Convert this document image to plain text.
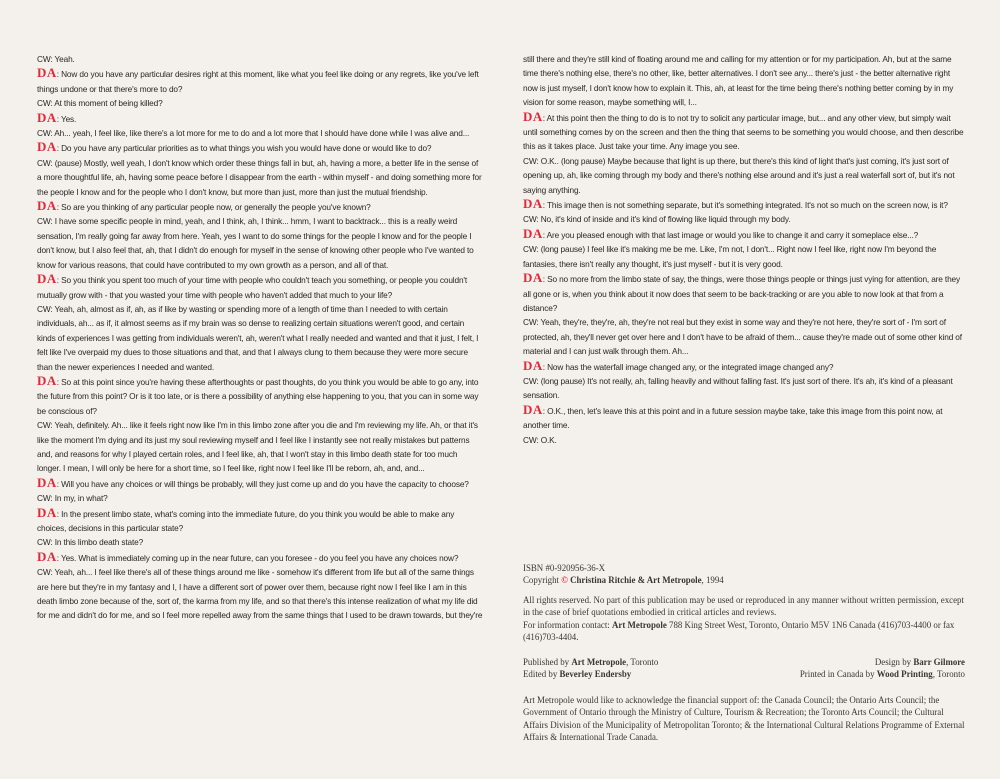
CW: Yeah.

DA: Now do you have any particular desires right at this moment, like what you feel like doing or any regrets, like you've left things undone or that there's more to do?

CW: At this moment of being killed?

DA: Yes.

CW: Ah... yeah, I feel like, like there's a lot more for me to do and a lot more that I should have done while I was alive and...

DA: Do you have any particular priorities as to what things you wish you would have done or would like to do?

CW: (pause) Mostly, well yeah, I don't know which order these things fall in but, ah, having a more, a better life in the sense of a more thoughtful life, ah, having some peace before I disappear from the earth - within myself - and doing something more for the people I know and for the people who I don't know, but more than just, more than just the mutual friendship.

DA: So are you thinking of any particular people now, or generally the people you've known?

CW: I have some specific people in mind, yeah, and I think, ah, I think... hmm, I want to backtrack... this is a really weird sensation, I'm really going far away from here. Yeah, yes I want to do some things for the people I know and for the people I don't know, but I also feel that, ah, that I didn't do enough for myself in the sense of knowing other people who I've wanted to know for various reasons, that could have contributed to my own growth as a person, and all of that.

DA: So you think you spent too much of your time with people who couldn't teach you something, or people you couldn't mutually grow with - that you wasted your time with people who haven't added that much to your life?

CW: Yeah, ah, almost as if, ah, as if like by wasting or spending more of a length of time than I needed to with certain individuals, ah... as if, it almost seems as if my brain was so dense to realizing certain situations weren't good, and certain kinds of experiences I was getting from individuals weren't, ah, weren't what I really needed and wanted and that it just, I felt, I felt like I've overpaid my dues to those situations and that, and that I always clung to them because they were more secure than the newer experiences I needed and wanted.

DA: So at this point since you're having these afterthoughts or past thoughts, do you think you would be able to go any, into the future from this point? Or is it too late, or is there a possibility of anything else happening to you, that you can in some way be conscious of?

CW: Yeah, definitely. Ah... like it feels right now like I'm in this limbo zone after you die and I'm reviewing my life. Ah, or that it's like the moment I'm dying and its just my soul reviewing myself and I feel like I instantly see not really mistakes but patterns and, and reasons for why I played certain roles, and I feel like, ah, that I won't stay in this limbo death state for too much longer. I mean, I will only be here for a short time, so I feel like, right now I feel like I'll be reborn, ah, and, and...

DA: Will you have any choices or will things be probably, will they just come up and do you have the capacity to choose?

CW: In my, in what?

DA: In the present limbo state, what's coming into the immediate future, do you think you would be able to make any choices, decisions in this particular state?

CW: In this limbo death state?

DA: Yes. What is immediately coming up in the near future, can you foresee - do you feel you have any choices now?

CW: Yeah, ah... I feel like there's all of these things around me like - somehow it's different from life but all of the same things are here but they're in my fantasy and I, I have a different sort of power over them, because right now I feel like I am in this death limbo zone because of the, sort of, the karma from my life, and so that there's this intense realization of what my life did for me and didn't do for me, and so I feel more repelled away from the same things that I used to be drawn towards, but they're

still there and they're still kind of floating around me and calling for my attention or for my participation. Ah, but at the same time there's nothing else, there's no other, like, better alternatives. I don't see any... there's just - the better alternative right now is just myself, I don't know how to explain it. This, ah, at least for the time being there's nothing better coming by in my vision for some reason, maybe something will, I...

DA: At this point then the thing to do is to not try to solicit any particular image, but... and any other view, but simply wait until something comes by on the screen and then the thing that seems to be something you would choose, and then describe this as it takes place. Just take your time. Any image you see.

CW: O.K.. (long pause) Maybe because that light is up there, but there's this kind of light that's just coming, it's just sort of opening up, ah, like coming through my body and there's nothing else around and it's just a real waterfall sort of, but it's not saying anything.

DA: This image then is not something separate, but it's something integrated. It's not so much on the screen now, is it?

CW: No, it's kind of inside and it's kind of flowing like liquid through my body.

DA: Are you pleased enough with that last image or would you like to change it and carry it someplace else...?

CW: (long pause) I feel like it's making me be me. Like, I'm not, I don't... Right now I feel like, right now I'm beyond the fantasies, there isn't really any thought, it's just myself - but it is very good.

DA: So no more from the limbo state of say, the things, were those things people or things just vying for attention, are they all gone or is, when you think about it now does that seem to be back-tracking or are you able to now look at that from a distance?

CW: Yeah, they're, they're, ah, they're not real but they exist in some way and they're not here, they're sort of - I'm sort of protected, ah, they'll never get over here and I don't have to be afraid of them... cause they're made out of some other kind of material and I can just walk through them. Ah...

DA: Now has the waterfall image changed any, or the integrated image changed any?

CW: (long pause) It's not really, ah, falling heavily and without falling fast. It's just sort of there. It's ah, it's kind of a pleasant sensation.

DA: O.K., then, let's leave this at this point and in a future session maybe take, take this image from this point now, at another time.

CW: O.K.

ISBN #0-920956-36-X

Copyright © Christina Ritchie & Art Metropole, 1994

All rights reserved. No part of this publication may be used or reproduced in any manner without written permission, except in the case of brief quotations embodied in critical articles and reviews.

For information contact: Art Metropole 788 King Street West, Toronto, Ontario M5V 1N6 Canada (416)703-4400 or fax (416)703-4404.

Published by Art Metropole, Toronto	Design by Barr Gilmore
Edited by Beverley Endersby	Printed in Canada by Wood Printing, Toronto

Art Metropole would like to acknowledge the financial support of: the Canada Council; the Ontario Arts Council; the Government of Ontario through the Ministry of Culture, Tourism & Recreation; the Toronto Arts Council; the Cultural Affairs Division of the Municipality of Metropolitan Toronto; & the International Cultural Relations Programme of External Affairs & International Trade Canada.
